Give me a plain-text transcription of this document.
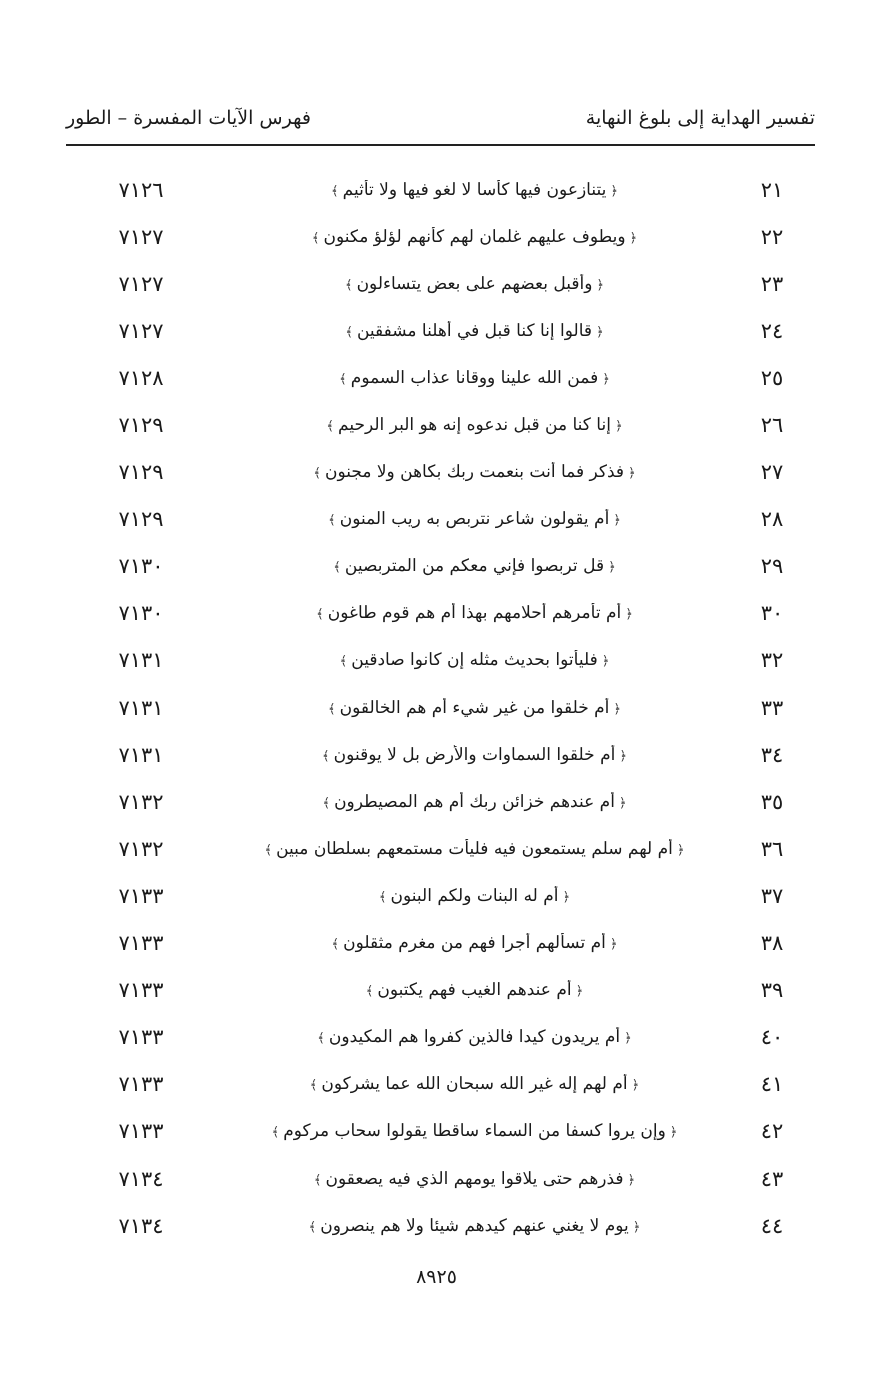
تفسير الهداية إلى بلوغ النهاية
فهرس الآيات المفسرة – الطور
٢١
﴿يتنازعون فيها كأسا لا لغو فيها ولا تأثيم﴾
٧١٢٦
٢٢
﴿ويطوف عليهم غلمان لهم كأنهم لؤلؤ مكنون﴾
٧١٢٧
٢٣
﴿وأقبل بعضهم على بعض يتساءلون﴾
٧١٢٧
٢٤
﴿قالوا إنا كنا قبل في أهلنا مشفقين﴾
٧١٢٧
٢٥
﴿فمن الله علينا ووقانا عذاب السموم﴾
٧١٢٨
٢٦
﴿إنا كنا من قبل ندعوه إنه هو البر الرحيم﴾
٧١٢٩
٢٧
﴿فذكر فما أنت بنعمت ربك بكاهن ولا مجنون﴾
٧١٢٩
٢٨
﴿أم يقولون شاعر نتربص به ريب المنون﴾
٧١٢٩
٢٩
﴿قل تربصوا فإني معكم من المتربصين﴾
٧١٣٠
٣٠
﴿أم تأمرهم أحلامهم بهذا أم هم قوم طاغون﴾
٧١٣٠
٣٢
﴿فليأتوا بحديث مثله إن كانوا صادقين﴾
٧١٣١
٣٣
﴿أم خلقوا من غير شيء أم هم الخالقون﴾
٧١٣١
٣٤
﴿أم خلقوا السماوات والأرض بل لا يوقنون﴾
٧١٣١
٣٥
﴿أم عندهم خزائن ربك أم هم المصيطرون﴾
٧١٣٢
٣٦
﴿أم لهم سلم يستمعون فيه فليأت مستمعهم بسلطان مبين﴾
٧١٣٢
٣٧
﴿أم له البنات ولكم البنون﴾
٧١٣٣
٣٨
﴿أم تسألهم أجرا فهم من مغرم مثقلون﴾
٧١٣٣
٣٩
﴿أم عندهم الغيب فهم يكتبون﴾
٧١٣٣
٤٠
﴿أم يريدون كيدا فالذين كفروا هم المكيدون﴾
٧١٣٣
٤١
﴿أم لهم إله غير الله سبحان الله عما يشركون﴾
٧١٣٣
٤٢
﴿وإن يروا كسفا من السماء ساقطا يقولوا سحاب مركوم﴾
٧١٣٣
٤٣
﴿فذرهم حتى يلاقوا يومهم الذي فيه يصعقون﴾
٧١٣٤
٤٤
﴿يوم لا يغني عنهم كيدهم شيئا ولا هم ينصرون﴾
٧١٣٤
٨٩٢٥
